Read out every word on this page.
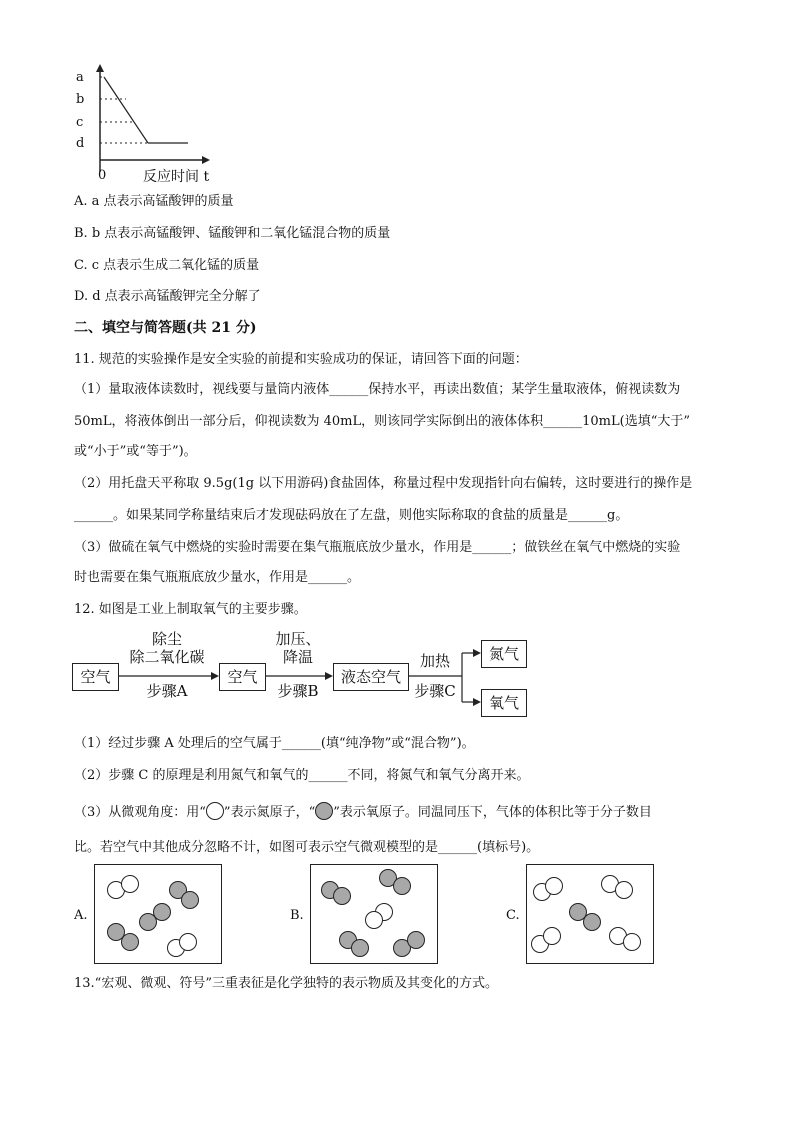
a
b
c
d
0	反应时间 t
A. a 点表示高锰酸钾的质量
B. b 点表示高锰酸钾、锰酸钾和二氧化锰混合物的质量
C. c 点表示生成二氧化锰的质量
D. d 点表示高锰酸钾完全分解了
二、填空与简答题(共 21 分)
11. 规范的实验操作是安全实验的前提和实验成功的保证，请回答下面的问题：
（1）量取液体读数时，视线要与量筒内液体______保持水平，再读出数值；某学生量取液体，俯视读数为
50mL，将液体倒出一部分后，仰视读数为 40mL，则该同学实际倒出的液体体积______10mL(选填“大于”
或“小于”或“等于”)。
（2）用托盘天平称取 9.5g(1g 以下用游码)食盐固体，称量过程中发现指针向右偏转，这时要进行的操作是
______。如果某同学称量结束后才发现砝码放在了左盘，则他实际称取的食盐的质量是______g。
（3）做硫在氧气中燃烧的实验时需要在集气瓶瓶底放少量水，作用是______；做铁丝在氧气中燃烧的实验
时也需要在集气瓶瓶底放少量水，作用是______。
12. 如图是工业上制取氧气的主要步骤。
空气
除尘
除二氧化碳
步骤A
空气
加压、
降温
步骤B
液态空气
加热
步骤C
氮气
氧气
（1）经过步骤 A 处理后的空气属于______(填“纯净物”或“混合物”)。
（2）步骤 C 的原理是利用氮气和氧气的______不同，将氮气和氧气分离开来。
（3）从微观角度：用“ ”表示氮原子，“ ”表示氧原子。同温同压下，气体的体积比等于分子数目
比。若空气中其他成分忽略不计，如图可表示空气微观模型的是______(填标号)。
A.	B.	C.
13.“宏观、微观、符号”三重表征是化学独特的表示物质及其变化的方式。
